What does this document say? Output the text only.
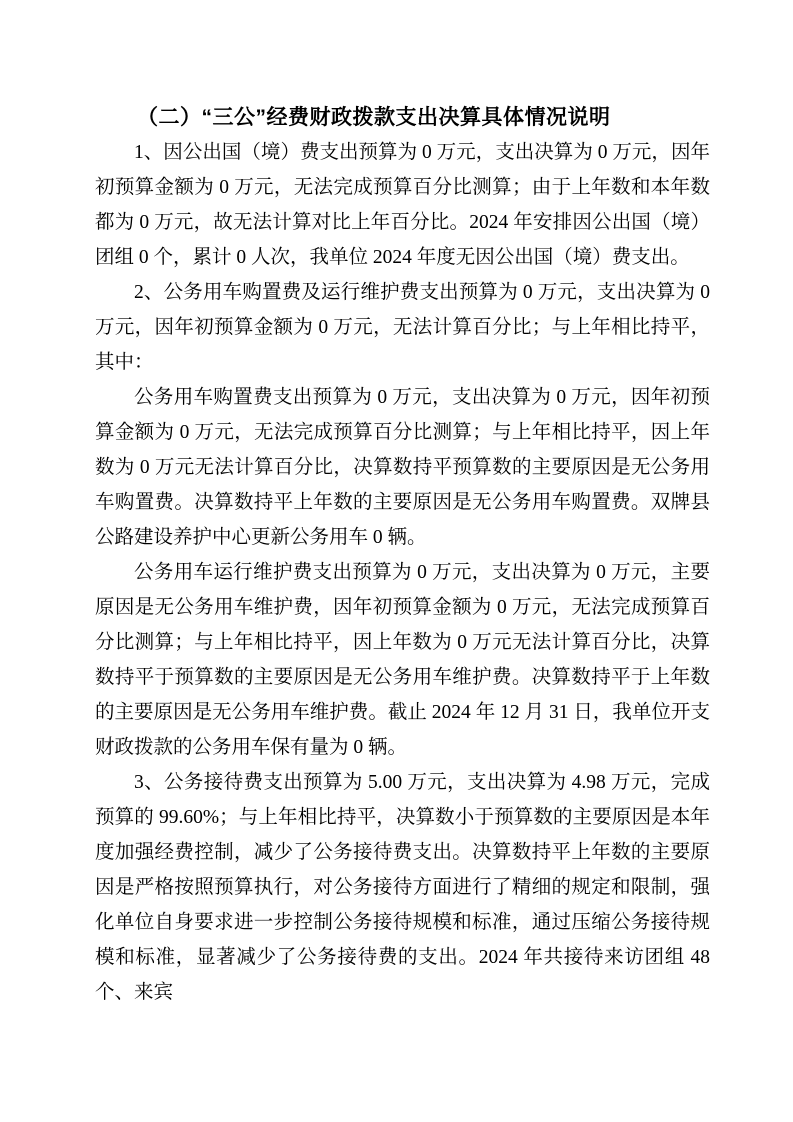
（二）“三公”经费财政拨款支出决算具体情况说明

1、因公出国（境）费支出预算为 0 万元，支出决算为 0 万元，因年初预算金额为 0 万元，无法完成预算百分比测算；由于上年数和本年数都为 0 万元，故无法计算对比上年百分比。2024 年安排因公出国（境）团组 0 个，累计 0 人次，我单位 2024 年度无因公出国（境）费支出。

2、公务用车购置费及运行维护费支出预算为 0 万元，支出决算为 0 万元，因年初预算金额为 0 万元，无法计算百分比；与上年相比持平，其中：

公务用车购置费支出预算为 0 万元，支出决算为 0 万元，因年初预算金额为 0 万元，无法完成预算百分比测算；与上年相比持平，因上年数为 0 万元无法计算百分比，决算数持平预算数的主要原因是无公务用车购置费。决算数持平上年数的主要原因是无公务用车购置费。双牌县公路建设养护中心更新公务用车 0 辆。

公务用车运行维护费支出预算为 0 万元，支出决算为 0 万元，主要原因是无公务用车维护费，因年初预算金额为 0 万元，无法完成预算百分比测算；与上年相比持平，因上年数为 0 万元无法计算百分比，决算数持平于预算数的主要原因是无公务用车维护费。决算数持平于上年数的主要原因是无公务用车维护费。截止 2024 年 12 月 31 日，我单位开支财政拨款的公务用车保有量为 0 辆。

3、公务接待费支出预算为 5.00 万元，支出决算为 4.98 万元，完成预算的 99.60%；与上年相比持平，决算数小于预算数的主要原因是本年度加强经费控制，减少了公务接待费支出。决算数持平上年数的主要原因是严格按照预算执行，对公务接待方面进行了精细的规定和限制，强化单位自身要求进一步控制公务接待规模和标准，通过压缩公务接待规模和标准，显著减少了公务接待费的支出。2024 年共接待来访团组 48 个、来宾
